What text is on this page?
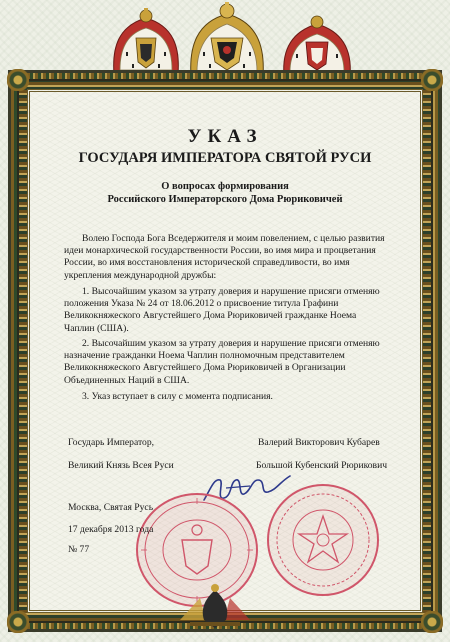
УКАЗ
ГОСУДАРЯ ИМПЕРАТОРА СВЯТОЙ РУСИ
О вопросах формирования
Российского Императорского Дома Рюриковичей
Волею Господа Бога Вседержителя и моим повелением, с целью развития
идеи монархической государственности России, во имя мира и процветания
России, во имя восстановления исторической справедливости, во имя
укрепления международной дружбы:
1. Высочайшим указом за утрату доверия и нарушение присяги отменяю
положения Указа № 24 от 18.06.2012 о присвоение титула Графини
Великокняжеского Августейшего Дома Рюриковичей гражданке Ноема
Чаплин (США).
2. Высочайшим указом за утрату доверия и нарушение присяги отменяю
назначение гражданки Ноема Чаплин полномочным представителем
Великокняжеского Августейшего Дома Рюриковичей в Организации
Объединенных Наций в США.
3. Указ вступает в силу с момента подписания.
Государь Император,
Великий Князь Всея Руси
Валерий Викторович Кубарев
Большой Кубенский Рюрикович
Москва, Святая Русь
17 декабря 2013 года
№ 77
